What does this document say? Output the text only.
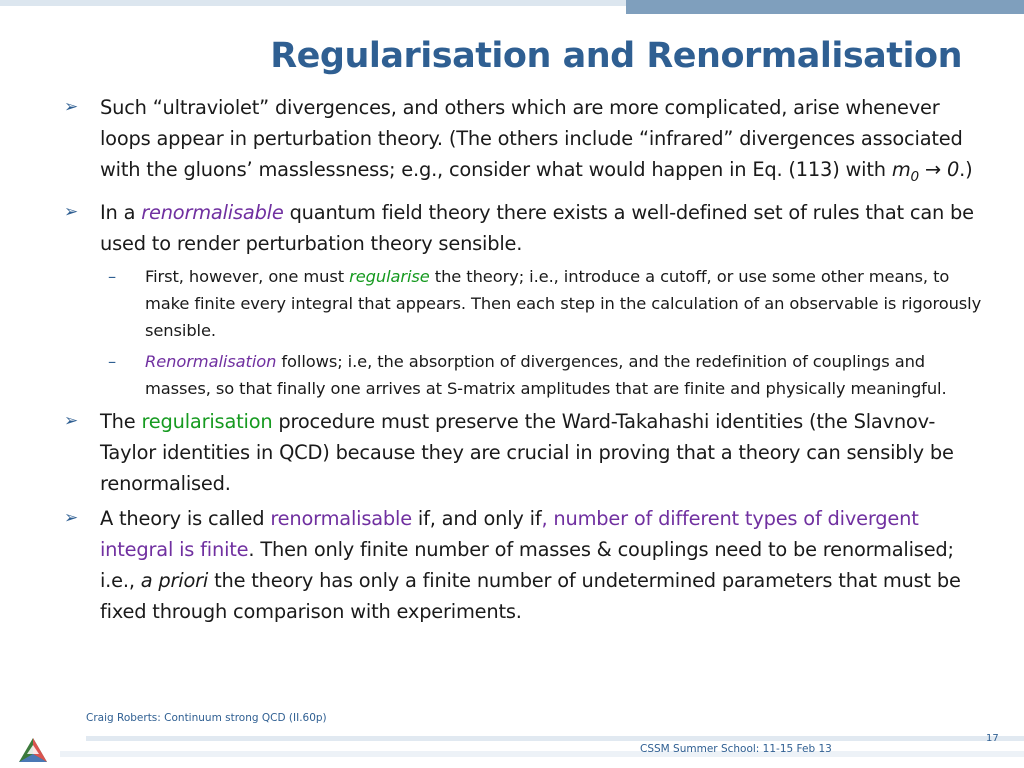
Regularisation and Renormalisation
➢ Such “ultraviolet” divergences, and others which are more complicated, arise whenever loops appear in perturbation theory. (The others include “infrared” divergences associated with the gluons’ masslessness; e.g., consider what would happen in Eq. (113) with $m_0 \to 0$.)
➢ In a renormalisable quantum field theory there exists a well-defined set of rules that can be used to render perturbation theory sensible.
– First, however, one must regularise the theory; i.e., introduce a cutoff, or use some other means, to make finite every integral that appears. Then each step in the calculation of an observable is rigorously sensible.
– Renormalisation follows; i.e, the absorption of divergences, and the redefinition of couplings and masses, so that finally one arrives at S-matrix amplitudes that are finite and physically meaningful.
➢ The regularisation procedure must preserve the Ward-Takahashi identities (the Slavnov-Taylor identities in QCD) because they are crucial in proving that a theory can sensibly be renormalised.
➢ A theory is called renormalisable if, and only if, number of different types of divergent integral is finite. Then only finite number of masses & couplings need to be renormalised; i.e., a priori the theory has only a finite number of undetermined parameters that must be fixed through comparison with experiments.
Craig Roberts: Continuum strong QCD (II.60p)
CSSM Summer School: 11-15 Feb 13
17
